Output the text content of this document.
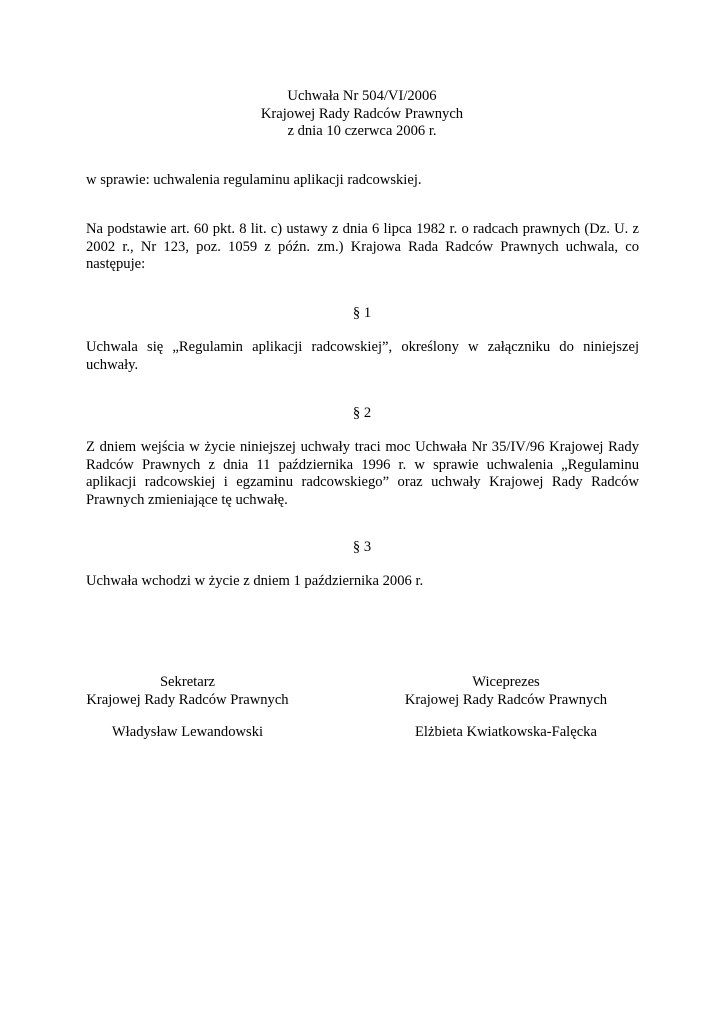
Uchwała Nr 504/VI/2006
Krajowej Rady Radców Prawnych
z dnia 10 czerwca 2006 r.
w sprawie: uchwalenia regulaminu aplikacji radcowskiej.
Na podstawie art. 60 pkt. 8 lit. c) ustawy z dnia 6 lipca 1982 r. o radcach prawnych (Dz. U. z 2002 r., Nr 123, poz. 1059 z późn. zm.) Krajowa Rada Radców Prawnych uchwala, co następuje:
§ 1
Uchwala się „Regulamin aplikacji radcowskiej”, określony w załączniku do niniejszej uchwały.
§ 2
Z dniem wejścia w życie niniejszej uchwały traci moc Uchwała Nr 35/IV/96 Krajowej Rady Radców Prawnych z dnia 11 października 1996 r. w sprawie uchwalenia „Regulaminu aplikacji radcowskiej i egzaminu radcowskiego” oraz uchwały Krajowej Rady Radców Prawnych zmieniające tę uchwałę.
§ 3
Uchwała wchodzi w życie z dniem 1 października 2006 r.
Sekretarz
Krajowej Rady Radców Prawnych
Władysław Lewandowski
Wiceprezes
Krajowej Rady Radców Prawnych
Elżbieta Kwiatkowska-Falęcka
